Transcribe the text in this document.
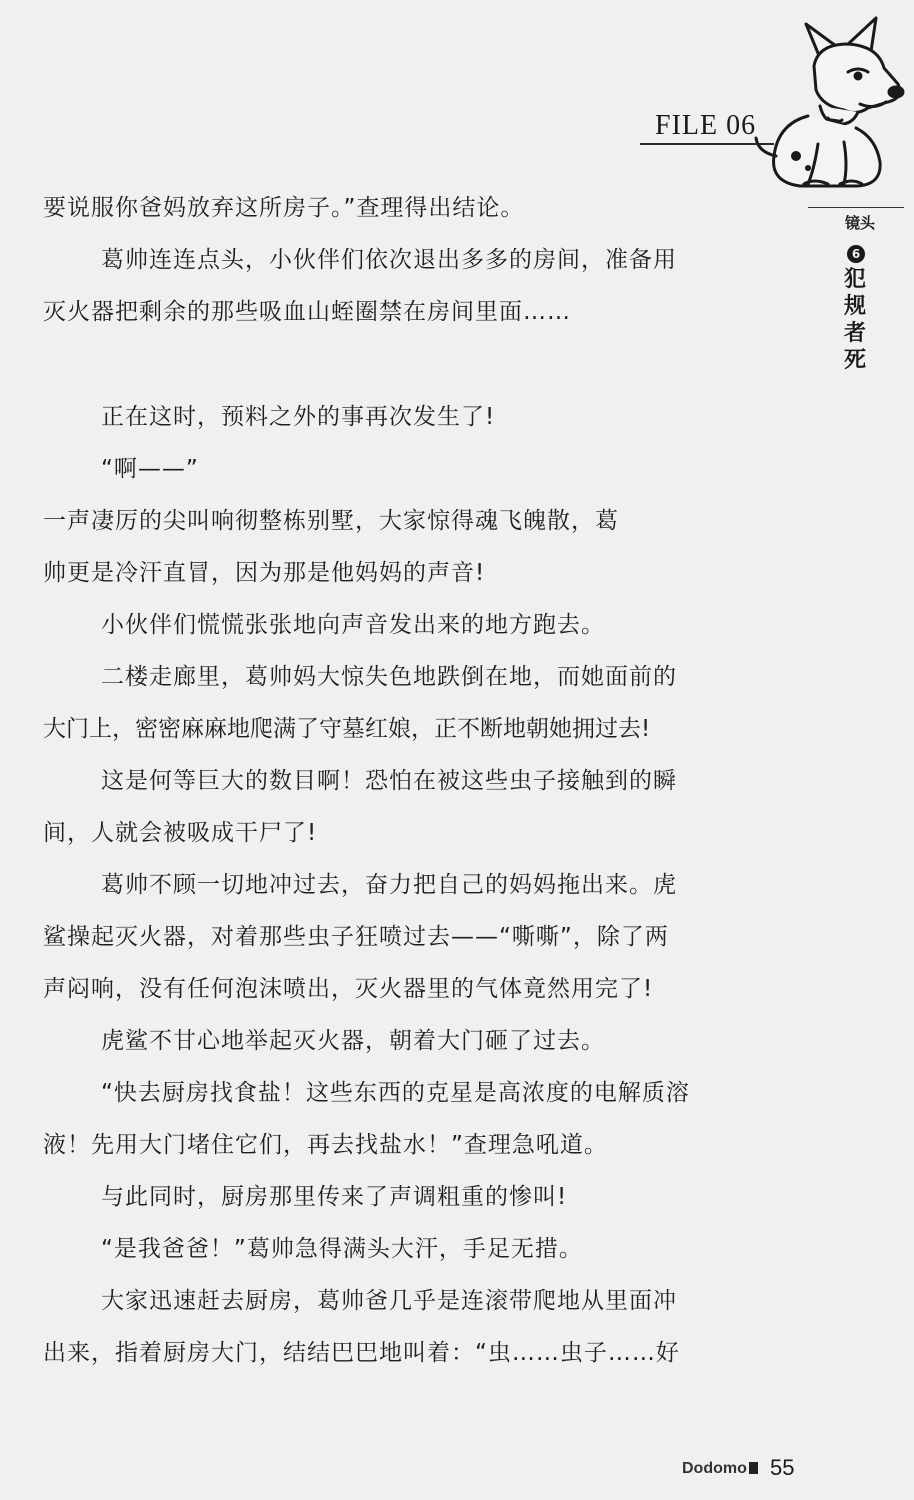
FILE 06
镜头
6
犯规者死

要说服你爸妈放弃这所房子。”查理得出结论。

葛帅连连点头，小伙伴们依次退出多多的房间，准备用

灭火器把剩余的那些吸血山蛭圈禁在房间里面……

正在这时，预料之外的事再次发生了!

“啊——”

一声凄厉的尖叫响彻整栋别墅，大家惊得魂飞魄散，葛

帅更是冷汗直冒，因为那是他妈妈的声音!

小伙伴们慌慌张张地向声音发出来的地方跑去。

二楼走廊里，葛帅妈大惊失色地跌倒在地，而她面前的

大门上，密密麻麻地爬满了守墓红娘，正不断地朝她拥过去!

这是何等巨大的数目啊！恐怕在被这些虫子接触到的瞬

间，人就会被吸成干尸了!

葛帅不顾一切地冲过去，奋力把自己的妈妈拖出来。虎

鲨操起灭火器，对着那些虫子狂喷过去——“嘶嘶”，除了两

声闷响，没有任何泡沫喷出，灭火器里的气体竟然用完了!

虎鲨不甘心地举起灭火器，朝着大门砸了过去。

“快去厨房找食盐！这些东西的克星是高浓度的电解质溶

液！先用大门堵住它们，再去找盐水！”查理急吼道。

与此同时，厨房那里传来了声调粗重的惨叫!

“是我爸爸！”葛帅急得满头大汗，手足无措。

大家迅速赶去厨房，葛帅爸几乎是连滚带爬地从里面冲

出来，指着厨房大门，结结巴巴地叫着：“虫……虫子……好

Dodomo	55
